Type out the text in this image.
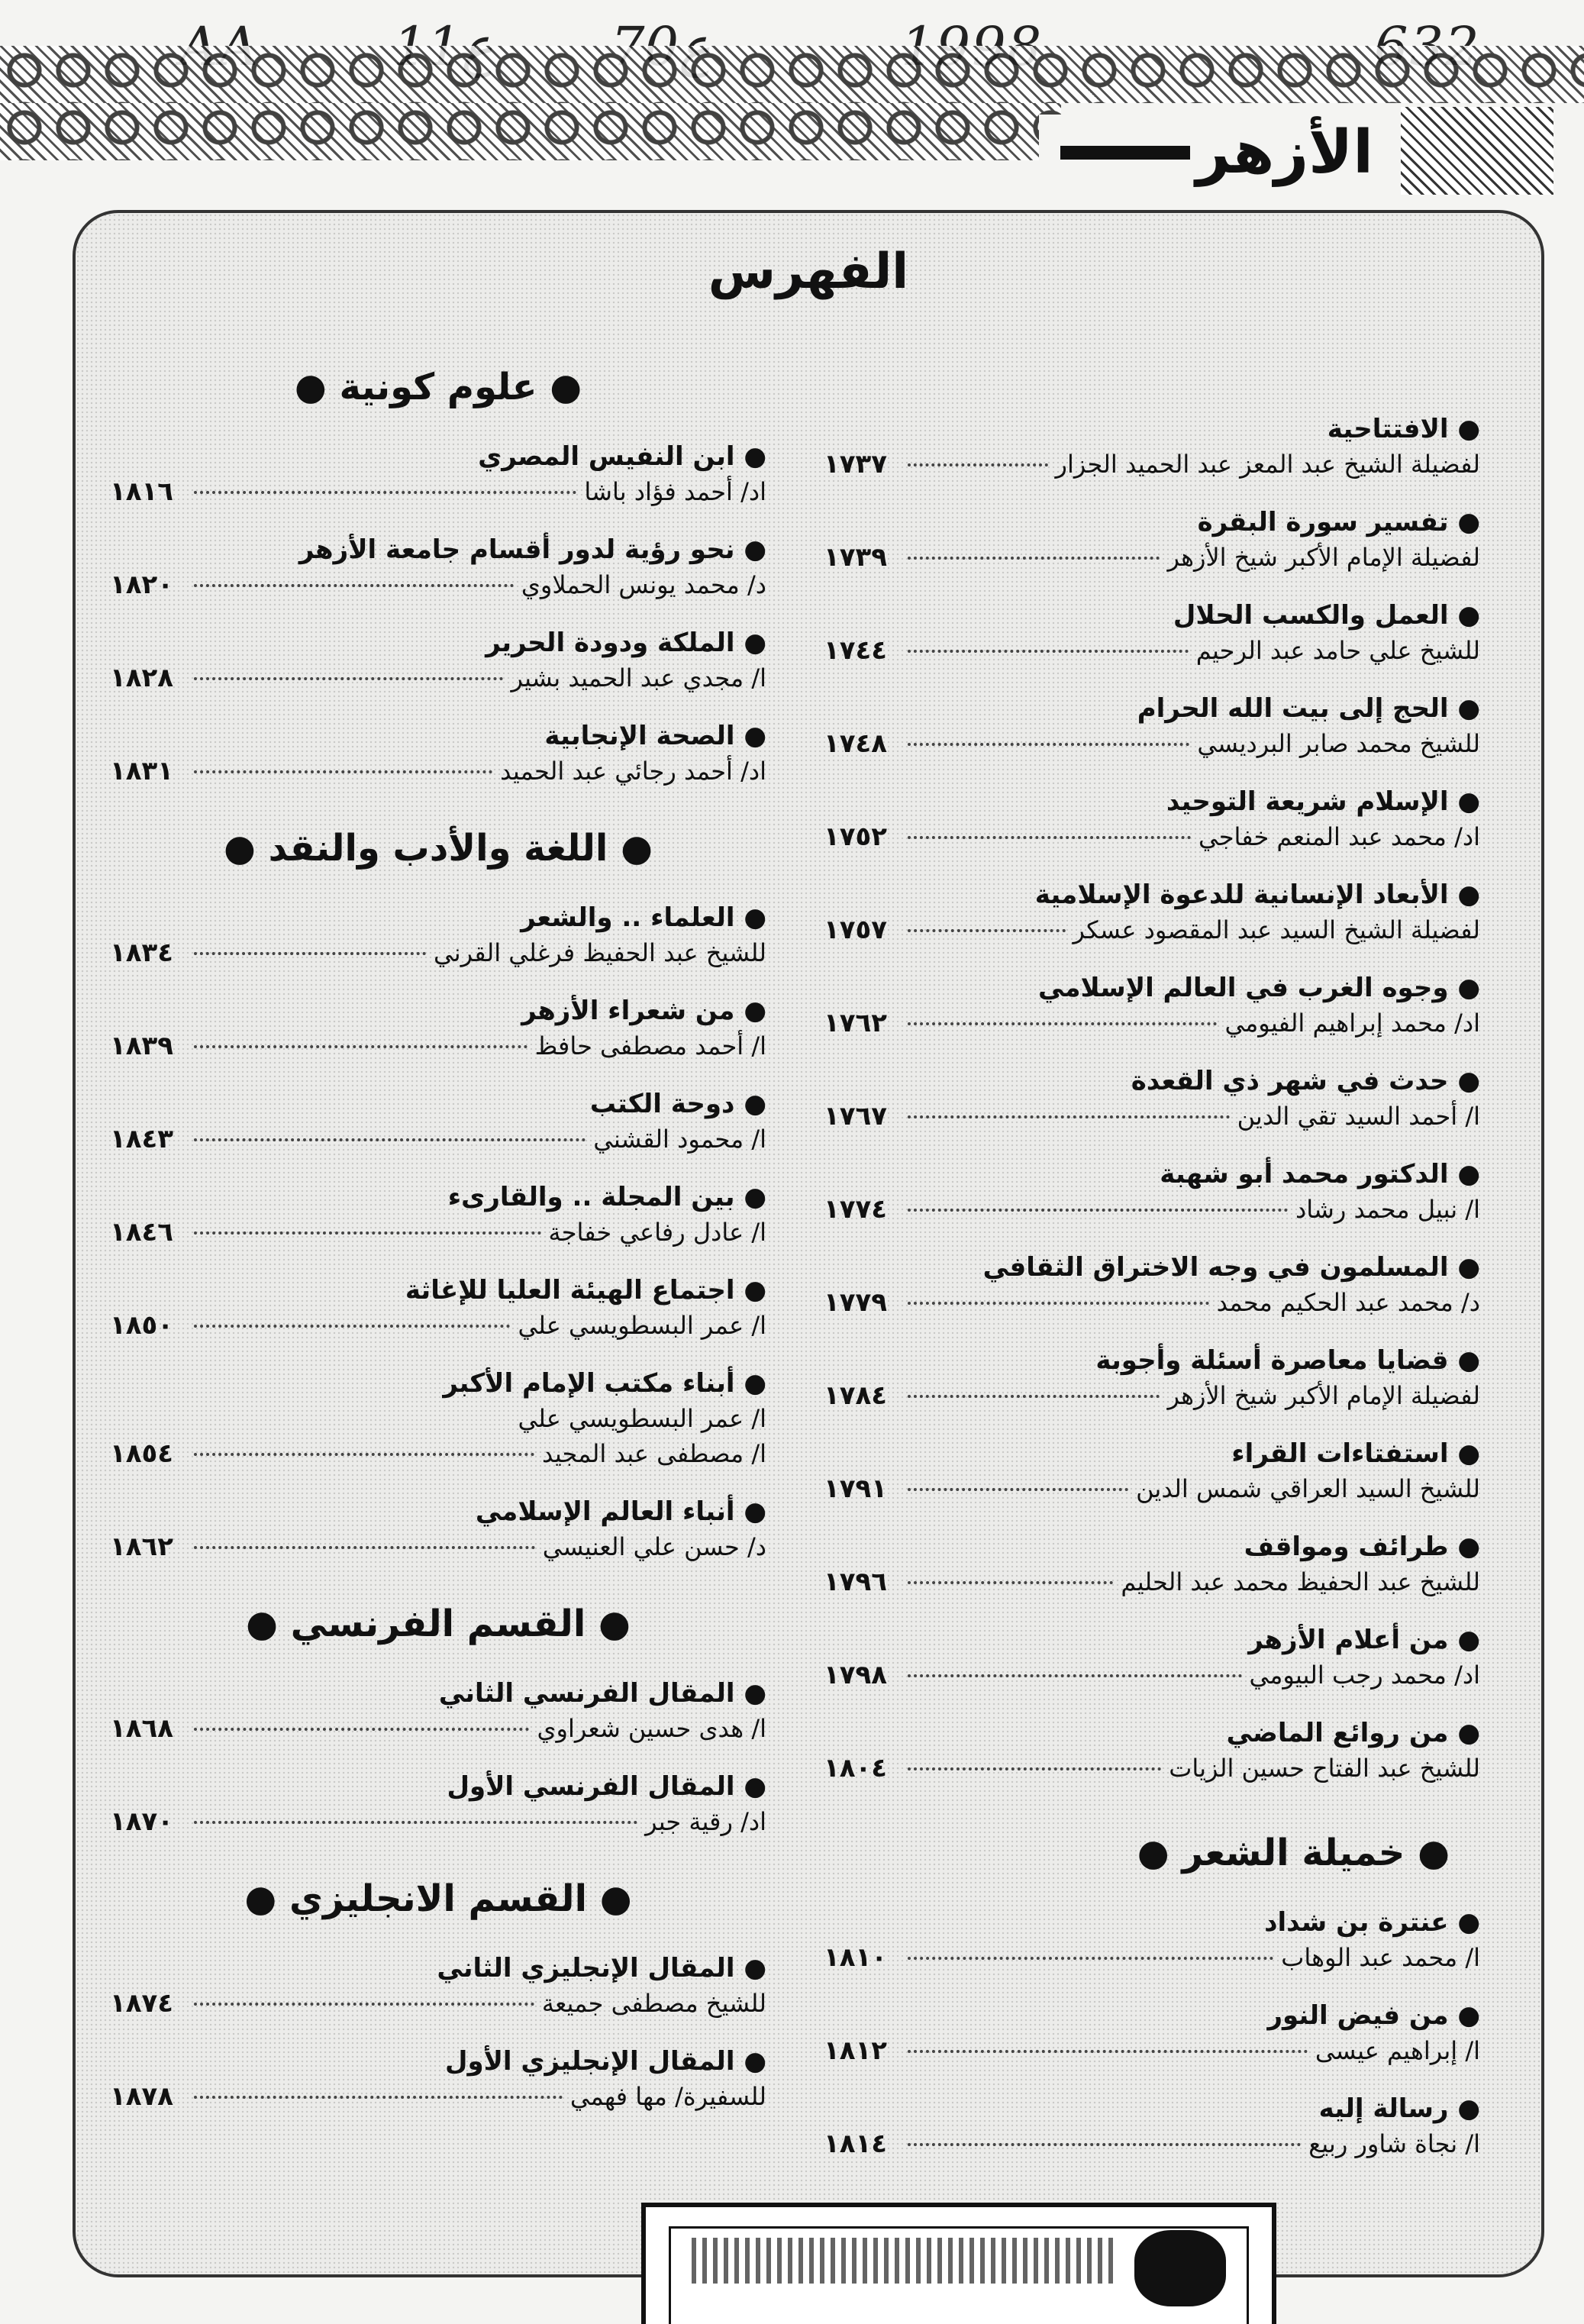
الأزهر
الفهرس
● الافتتاحية
لفضيلة الشيخ عبد المعز عبد الحميد الجزار
١٧٣٧
● تفسير سورة البقرة
لفضيلة الإمام الأكبر شيخ الأزهر
١٧٣٩
● العمل والكسب الحلال
للشيخ علي حامد عبد الرحيم
١٧٤٤
● الحج إلى بيت الله الحرام
للشيخ محمد صابر البرديسي
١٧٤٨
● الإسلام شريعة التوحيد
اد/ محمد عبد المنعم خفاجي
١٧٥٢
● الأبعاد الإنسانية للدعوة الإسلامية
لفضيلة الشيخ السيد عبد المقصود عسكر
١٧٥٧
● وجوه الغرب في العالم الإسلامي
اد/ محمد إبراهيم الفيومي
١٧٦٢
● حدث في شهر ذي القعدة
ا/ أحمد السيد تقي الدين
١٧٦٧
● الدكتور محمد أبو شهبة
ا/ نبيل محمد رشاد
١٧٧٤
● المسلمون في وجه الاختراق الثقافي
د/ محمد عبد الحكيم محمد
١٧٧٩
● قضايا معاصرة أسئلة وأجوبة
لفضيلة الإمام الأكبر شيخ الأزهر
١٧٨٤
● استفتاءات القراء
للشيخ السيد العراقي شمس الدين
١٧٩١
● طرائف ومواقف
للشيخ عبد الحفيظ محمد عبد الحليم
١٧٩٦
● من أعلام الأزهر
اد/ محمد رجب البيومي
١٧٩٨
● من روائع الماضي
للشيخ عبد الفتاح حسين الزيات
١٨٠٤
● خميلة الشعر ●
● عنترة بن شداد
ا/ محمد عبد الوهاب
١٨١٠
● من فيض النور
ا/ إبراهيم عيسى
١٨١٢
● رسالة إليه
ا/ نجاة شاور ربيع
١٨١٤
● علوم كونية ●
● ابن النفيس المصري
اد/ أحمد فؤاد باشا
١٨١٦
● نحو رؤية لدور أقسام جامعة الأزهر
د/ محمد يونس الحملاوي
١٨٢٠
● الملكة ودودة الحرير
ا/ مجدي عبد الحميد بشير
١٨٢٨
● الصحة الإنجابية
اد/ أحمد رجائي عبد الحميد
١٨٣١
● اللغة والأدب والنقد ●
● العلماء .. والشعر
للشيخ عبد الحفيظ فرغلي القرني
١٨٣٤
● من شعراء الأزهر
ا/ أحمد مصطفى حافظ
١٨٣٩
● دوحة الكتب
ا/ محمود القشني
١٨٤٣
● بين المجلة .. والقارىء
ا/ عادل رفاعي خفاجة
١٨٤٦
● اجتماع الهيئة العليا للإغاثة
ا/ عمر البسطويسي علي
١٨٥٠
● أبناء مكتب الإمام الأكبر
ا/ عمر البسطويسي علي
ا/ مصطفى عبد المجيد
١٨٥٤
● أنباء العالم الإسلامي
د/ حسن علي العنيسي
١٨٦٢
● القسم الفرنسي ●
● المقال الفرنسي الثاني
ا/ هدى حسين شعراوي
١٨٦٨
● المقال الفرنسي الأول
اد/ رقية جبر
١٨٧٠
● القسم الانجليزي ●
● المقال الإنجليزي الثاني
للشيخ مصطفى جميعة
١٨٧٤
● المقال الإنجليزي الأول
للسفيرة/ مها فهمي
١٨٧٨
